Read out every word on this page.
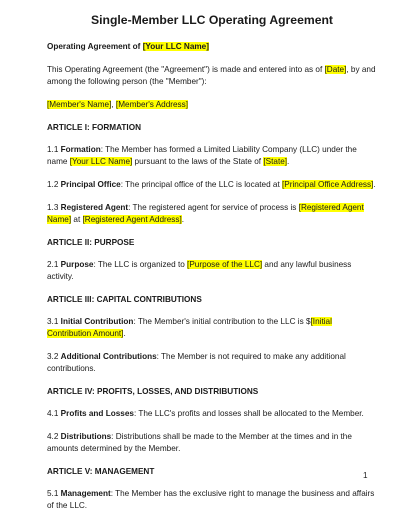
Single-Member LLC Operating Agreement
Operating Agreement of [Your LLC Name]
This Operating Agreement (the "Agreement") is made and entered into as of [Date], by and among the following person (the "Member"):
[Member's Name], [Member's Address]
ARTICLE I: FORMATION
1.1 Formation: The Member has formed a Limited Liability Company (LLC) under the name [Your LLC Name] pursuant to the laws of the State of [State].
1.2 Principal Office: The principal office of the LLC is located at [Principal Office Address].
1.3 Registered Agent: The registered agent for service of process is [Registered Agent Name] at [Registered Agent Address].
ARTICLE II: PURPOSE
2.1 Purpose: The LLC is organized to [Purpose of the LLC] and any lawful business activity.
ARTICLE III: CAPITAL CONTRIBUTIONS
3.1 Initial Contribution: The Member's initial contribution to the LLC is $[Initial Contribution Amount].
3.2 Additional Contributions: The Member is not required to make any additional contributions.
ARTICLE IV: PROFITS, LOSSES, AND DISTRIBUTIONS
4.1 Profits and Losses: The LLC's profits and losses shall be allocated to the Member.
4.2 Distributions: Distributions shall be made to the Member at the times and in the amounts determined by the Member.
ARTICLE V: MANAGEMENT
5.1 Management: The Member has the exclusive right to manage the business and affairs of the LLC.
1
